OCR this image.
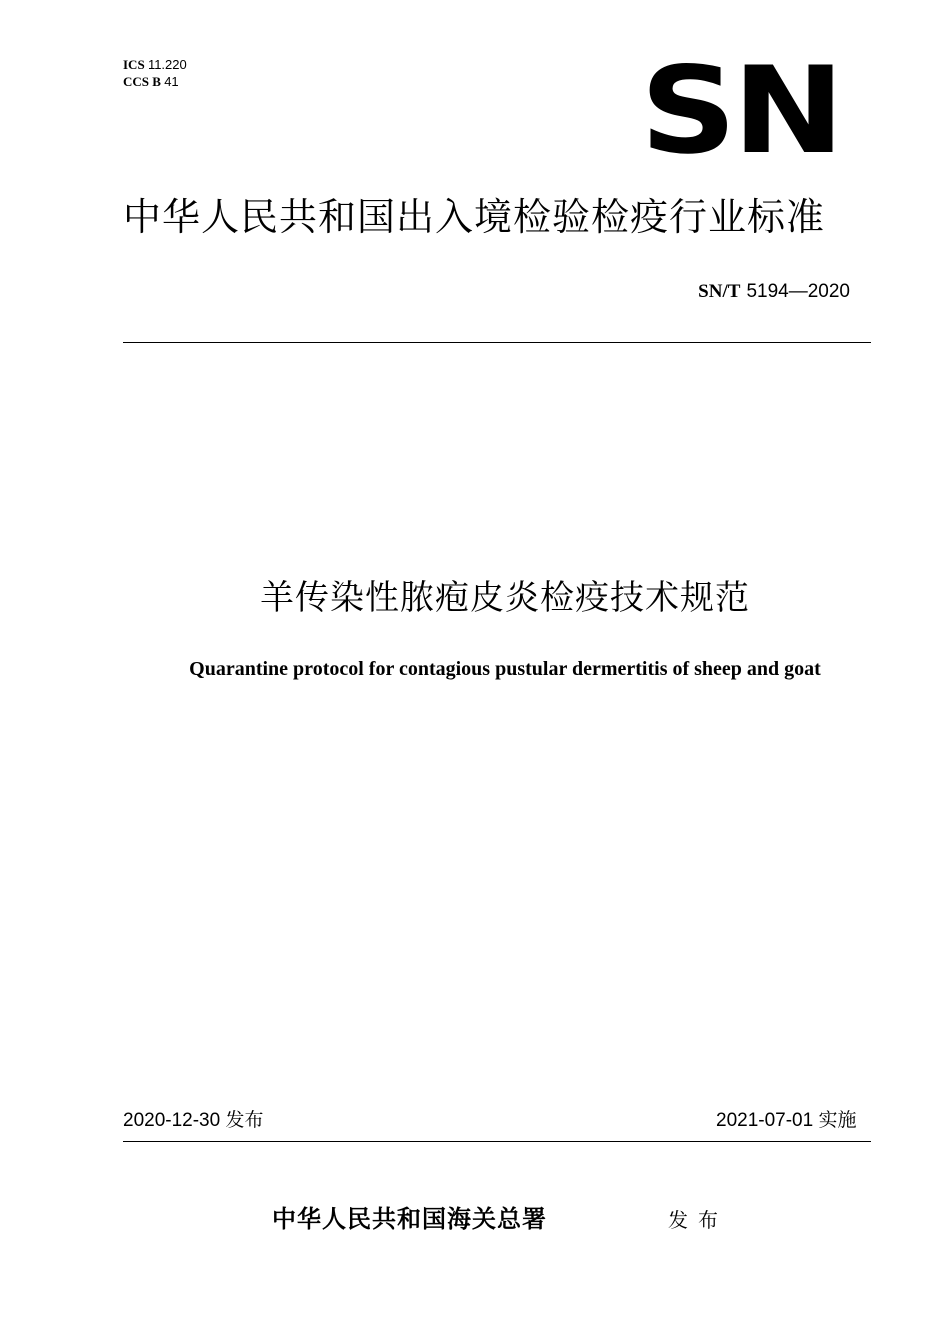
ICS 11.220
CCS B 41	SN
中华人民共和国出入境检验检疫行业标准
SN/T 5194—2020
羊传染性脓疱皮炎检疫技术规范
Quarantine protocol for contagious pustular dermertitis of sheep and goat
2020-12-30 发布	2021-07-01 实施
中华人民共和国海关总署	发布
